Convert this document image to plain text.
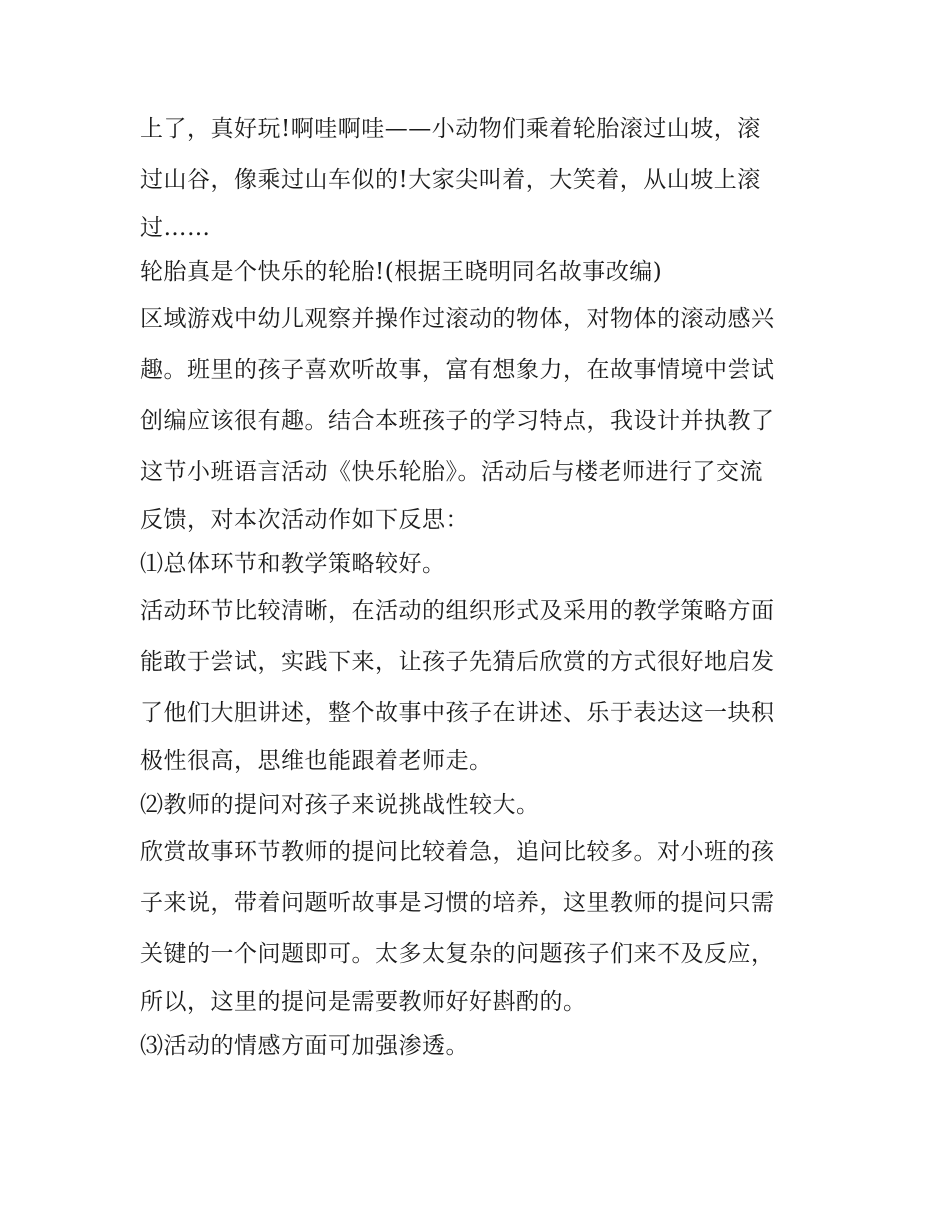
上了，真好玩!啊哇啊哇——小动物们乘着轮胎滚过山坡，滚
过山谷，像乘过山车似的!大家尖叫着，大笑着，从山坡上滚
过……
轮胎真是个快乐的轮胎!(根据王晓明同名故事改编)
区域游戏中幼儿观察并操作过滚动的物体，对物体的滚动感兴
趣。班里的孩子喜欢听故事，富有想象力，在故事情境中尝试
创编应该很有趣。结合本班孩子的学习特点，我设计并执教了
这节小班语言活动《快乐轮胎》。活动后与楼老师进行了交流
反馈，对本次活动作如下反思：
⑴总体环节和教学策略较好。
活动环节比较清晰，在活动的组织形式及采用的教学策略方面
能敢于尝试，实践下来，让孩子先猜后欣赏的方式很好地启发
了他们大胆讲述，整个故事中孩子在讲述、乐于表达这一块积
极性很高，思维也能跟着老师走。
⑵教师的提问对孩子来说挑战性较大。
欣赏故事环节教师的提问比较着急，追问比较多。对小班的孩
子来说，带着问题听故事是习惯的培养，这里教师的提问只需
关键的一个问题即可。太多太复杂的问题孩子们来不及反应，
所以，这里的提问是需要教师好好斟酌的。
⑶活动的情感方面可加强渗透。
